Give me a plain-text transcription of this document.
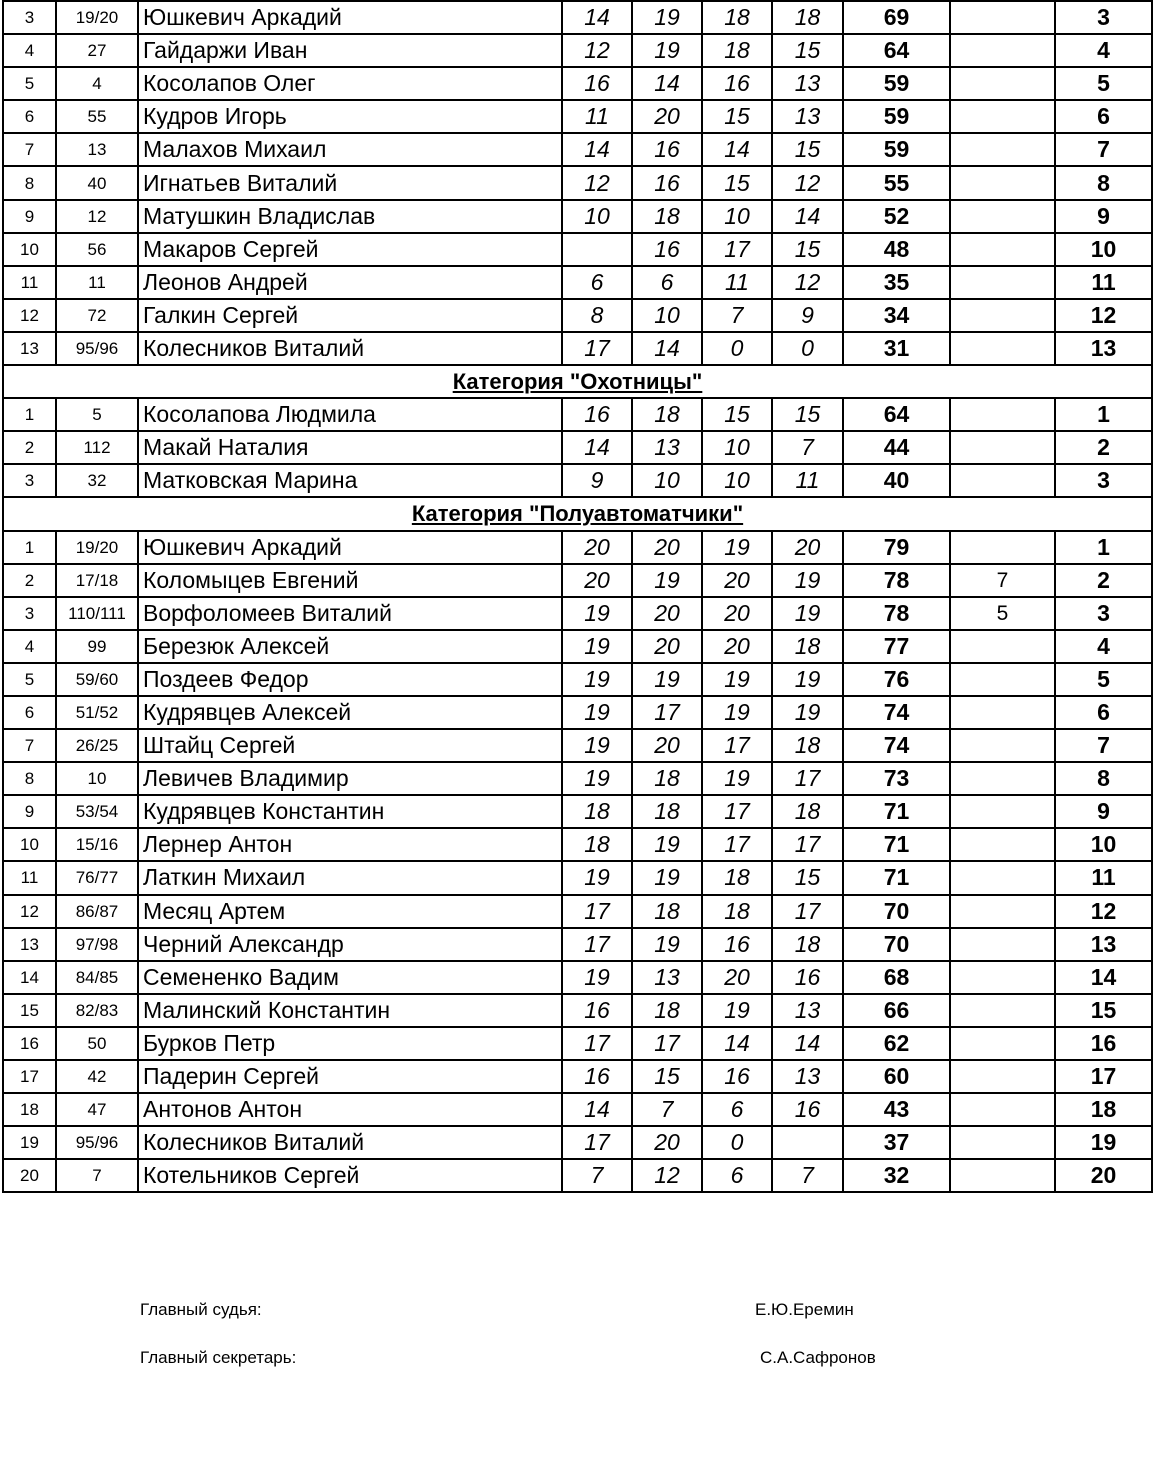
3	19/20	Юшкевич Аркадий	14	19	18	18	69		3
4	27	Гайдаржи Иван	12	19	18	15	64		4
5	4	Косолапов Олег	16	14	16	13	59		5
6	55	Кудров Игорь	11	20	15	13	59		6
7	13	Малахов Михаил	14	16	14	15	59		7
8	40	Игнатьев Виталий	12	16	15	12	55		8
9	12	Матушкин Владислав	10	18	10	14	52		9
10	56	Макаров Сергей		16	17	15	48		10
11	11	Леонов Андрей	6	6	11	12	35		11
12	72	Галкин Сергей	8	10	7	9	34		12
13	95/96	Колесников Виталий	17	14	0	0	31		13
Категория "Охотницы"									
1	5	Косолапова Людмила	16	18	15	15	64		1
2	112	Макай Наталия	14	13	10	7	44		2
3	32	Матковская Марина	9	10	10	11	40		3
Категория "Полуавтоматчики"									
1	19/20	Юшкевич Аркадий	20	20	19	20	79		1
2	17/18	Коломыцев Евгений	20	19	20	19	78	7	2
3	110/111	Ворфоломеев Виталий	19	20	20	19	78	5	3
4	99	Березюк Алексей	19	20	20	18	77		4
5	59/60	Поздеев Федор	19	19	19	19	76		5
6	51/52	Кудрявцев Алексей	19	17	19	19	74		6
7	26/25	Штайц Сергей	19	20	17	18	74		7
8	10	Левичев Владимир	19	18	19	17	73		8
9	53/54	Кудрявцев Константин	18	18	17	18	71		9
10	15/16	Лернер Антон	18	19	17	17	71		10
11	76/77	Латкин Михаил	19	19	18	15	71		11
12	86/87	Месяц Артем	17	18	18	17	70		12
13	97/98	Черний Александр	17	19	16	18	70		13
14	84/85	Семененко Вадим	19	13	20	16	68		14
15	82/83	Малинский Константин	16	18	19	13	66		15
16	50	Бурков Петр	17	17	14	14	62		16
17	42	Падерин Сергей	16	15	16	13	60		17
18	47	Антонов Антон	14	7	6	16	43		18
19	95/96	Колесников Виталий	17	20	0		37		19
20	7	Котельников Сергей	7	12	6	7	32		20
Главный судья:	Е.Ю.Еремин
Главный секретарь:	С.А.Сафронов
